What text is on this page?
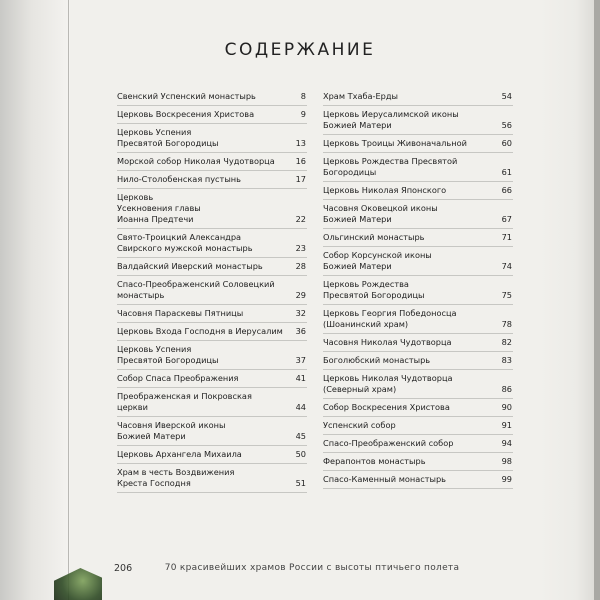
СОДЕРЖАНИЕ
Свенский Успенский монастырь	8
Церковь Воскресения Христова	9
Церковь Успения
Пресвятой Богородицы	13
Морской собор Николая Чудотворца	16
Нило-Столобенская пустынь	17
Церковь
Усекновения главы
Иоанна Предтечи	22
Свято-Троицкий Александра
Свирского мужской монастырь	23
Валдайский Иверский монастырь	28
Спасо-Преображенский Соловецкий
монастырь	29
Часовня Параскевы Пятницы	32
Церковь Входа Господня в Иерусалим 36
Церковь Успения
Пресвятой Богородицы	37
Собор Спаса Преображения	41
Преображенская и Покровская церкви	44
Часовня Иверской иконы
Божией Матери	45
Церковь Архангела Михаила	50
Храм в честь Воздвижения
Креста Господня	51
Храм Тхаба-Ерды	54
Церковь Иерусалимской иконы
Божией Матери	56
Церковь Троицы Живоначальной	60
Церковь Рождества Пресвятой
Богородицы	61
Церковь Николая Японского	66
Часовня Оковецкой иконы
Божией Матери	67
Ольгинский монастырь	71
Собор Корсунской иконы
Божией Матери	74
Церковь Рождества
Пресвятой Богородицы	75
Церковь Георгия Победоносца
(Шоанинский храм)	78
Часовня Николая Чудотворца	82
Боголюбский монастырь	83
Церковь Николая Чудотворца
(Северный храм)	86
Собор Воскресения Христова	90
Успенский собор	91
Спасо-Преображенский собор	94
Ферапонтов монастырь	98
Спасо-Каменный монастырь	99
206	70 красивейших храмов России с высоты птичьего полета
